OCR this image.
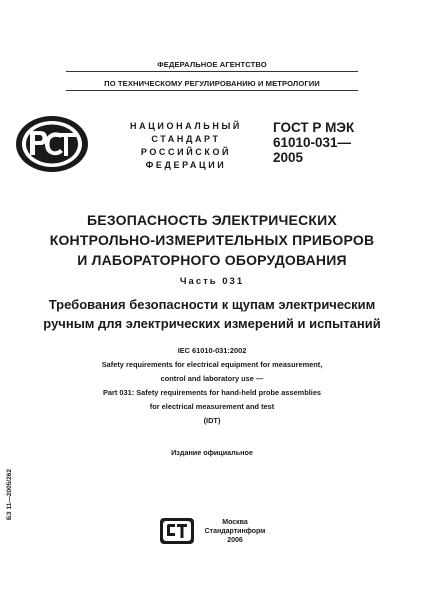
ФЕДЕРАЛЬНОЕ АГЕНТСТВО
ПО ТЕХНИЧЕСКОМУ РЕГУЛИРОВАНИЮ И МЕТРОЛОГИИ
НАЦИОНАЛЬНЫЙ
СТАНДАРТ
РОССИЙСКОЙ
ФЕДЕРАЦИИ
ГОСТ Р МЭК
61010-031—
2005
БЕЗОПАСНОСТЬ ЭЛЕКТРИЧЕСКИХ
КОНТРОЛЬНО-ИЗМЕРИТЕЛЬНЫХ ПРИБОРОВ
И ЛАБОРАТОРНОГО ОБОРУДОВАНИЯ
Часть 031
Требования безопасности к щупам электрическим
ручным для электрических измерений и испытаний
IEC 61010-031:2002
Safety requirements for electrical equipment for measurement,
control and laboratory use —
Part 031: Safety requirements for hand-held probe assemblies
for electrical measurement and test
(IDT)
Издание официальное
БЗ 11—2005/262
Москва
Стандартинформ
2006
